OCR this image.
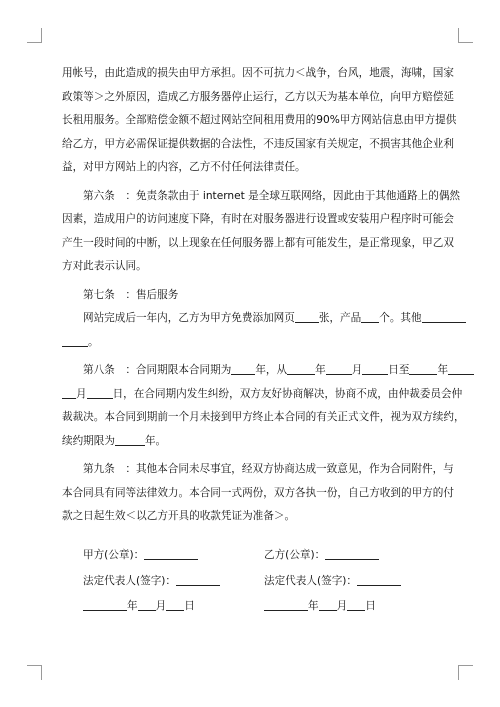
用帐号，由此造成的损失由甲方承担。因不可抗力＜战争，台风，地震，海啸，国家

政策等＞之外原因，造成乙方服务器停止运行，乙方以天为基本单位，向甲方赔偿延

长租用服务。全部赔偿金额不超过网站空间租用费用的90%甲方网站信息由甲方提供

给乙方，甲方必需保证提供数据的合法性，不违反国家有关规定，不损害其他企业利

益，对甲方网站上的内容，乙方不付任何法律责任。

第六条　：免责条款由于 internet 是全球互联网络，因此由于其他通路上的偶然

因素，造成用户的访问速度下降，有时在对服务器进行设置或安装用户程序时可能会

产生一段时间的中断，以上现象在任何服务器上都有可能发生，是正常现象，甲乙双

方对此表示认同。

第七条　：售后服务

网站完成后一年内，乙方为甲方免费添加网页 张，产品 个。其他

。

第八条　：合同期限本合同期为 年，从	年 月 日至	年

月 日，在合同期内发生纠纷，双方友好协商解决，协商不成，由仲裁委员会仲

裁裁决。本合同到期前一个月未接到甲方终止本合同的有关正式文件，视为双方续约，

续约期限为	年。

第九条　：其他本合同未尽事宜，经双方协商达成一致意见，作为合同附件，与

本合同具有同等法律效力。本合同一式两份，双方各执一份，自己方收到的甲方的付

款之日起生效＜以乙方开具的收款凭证为准备＞。

甲方(公章)：	乙方(公章)：
法定代表人(签字)：	法定代表人(签字)：
年 月 日	年 月 日
